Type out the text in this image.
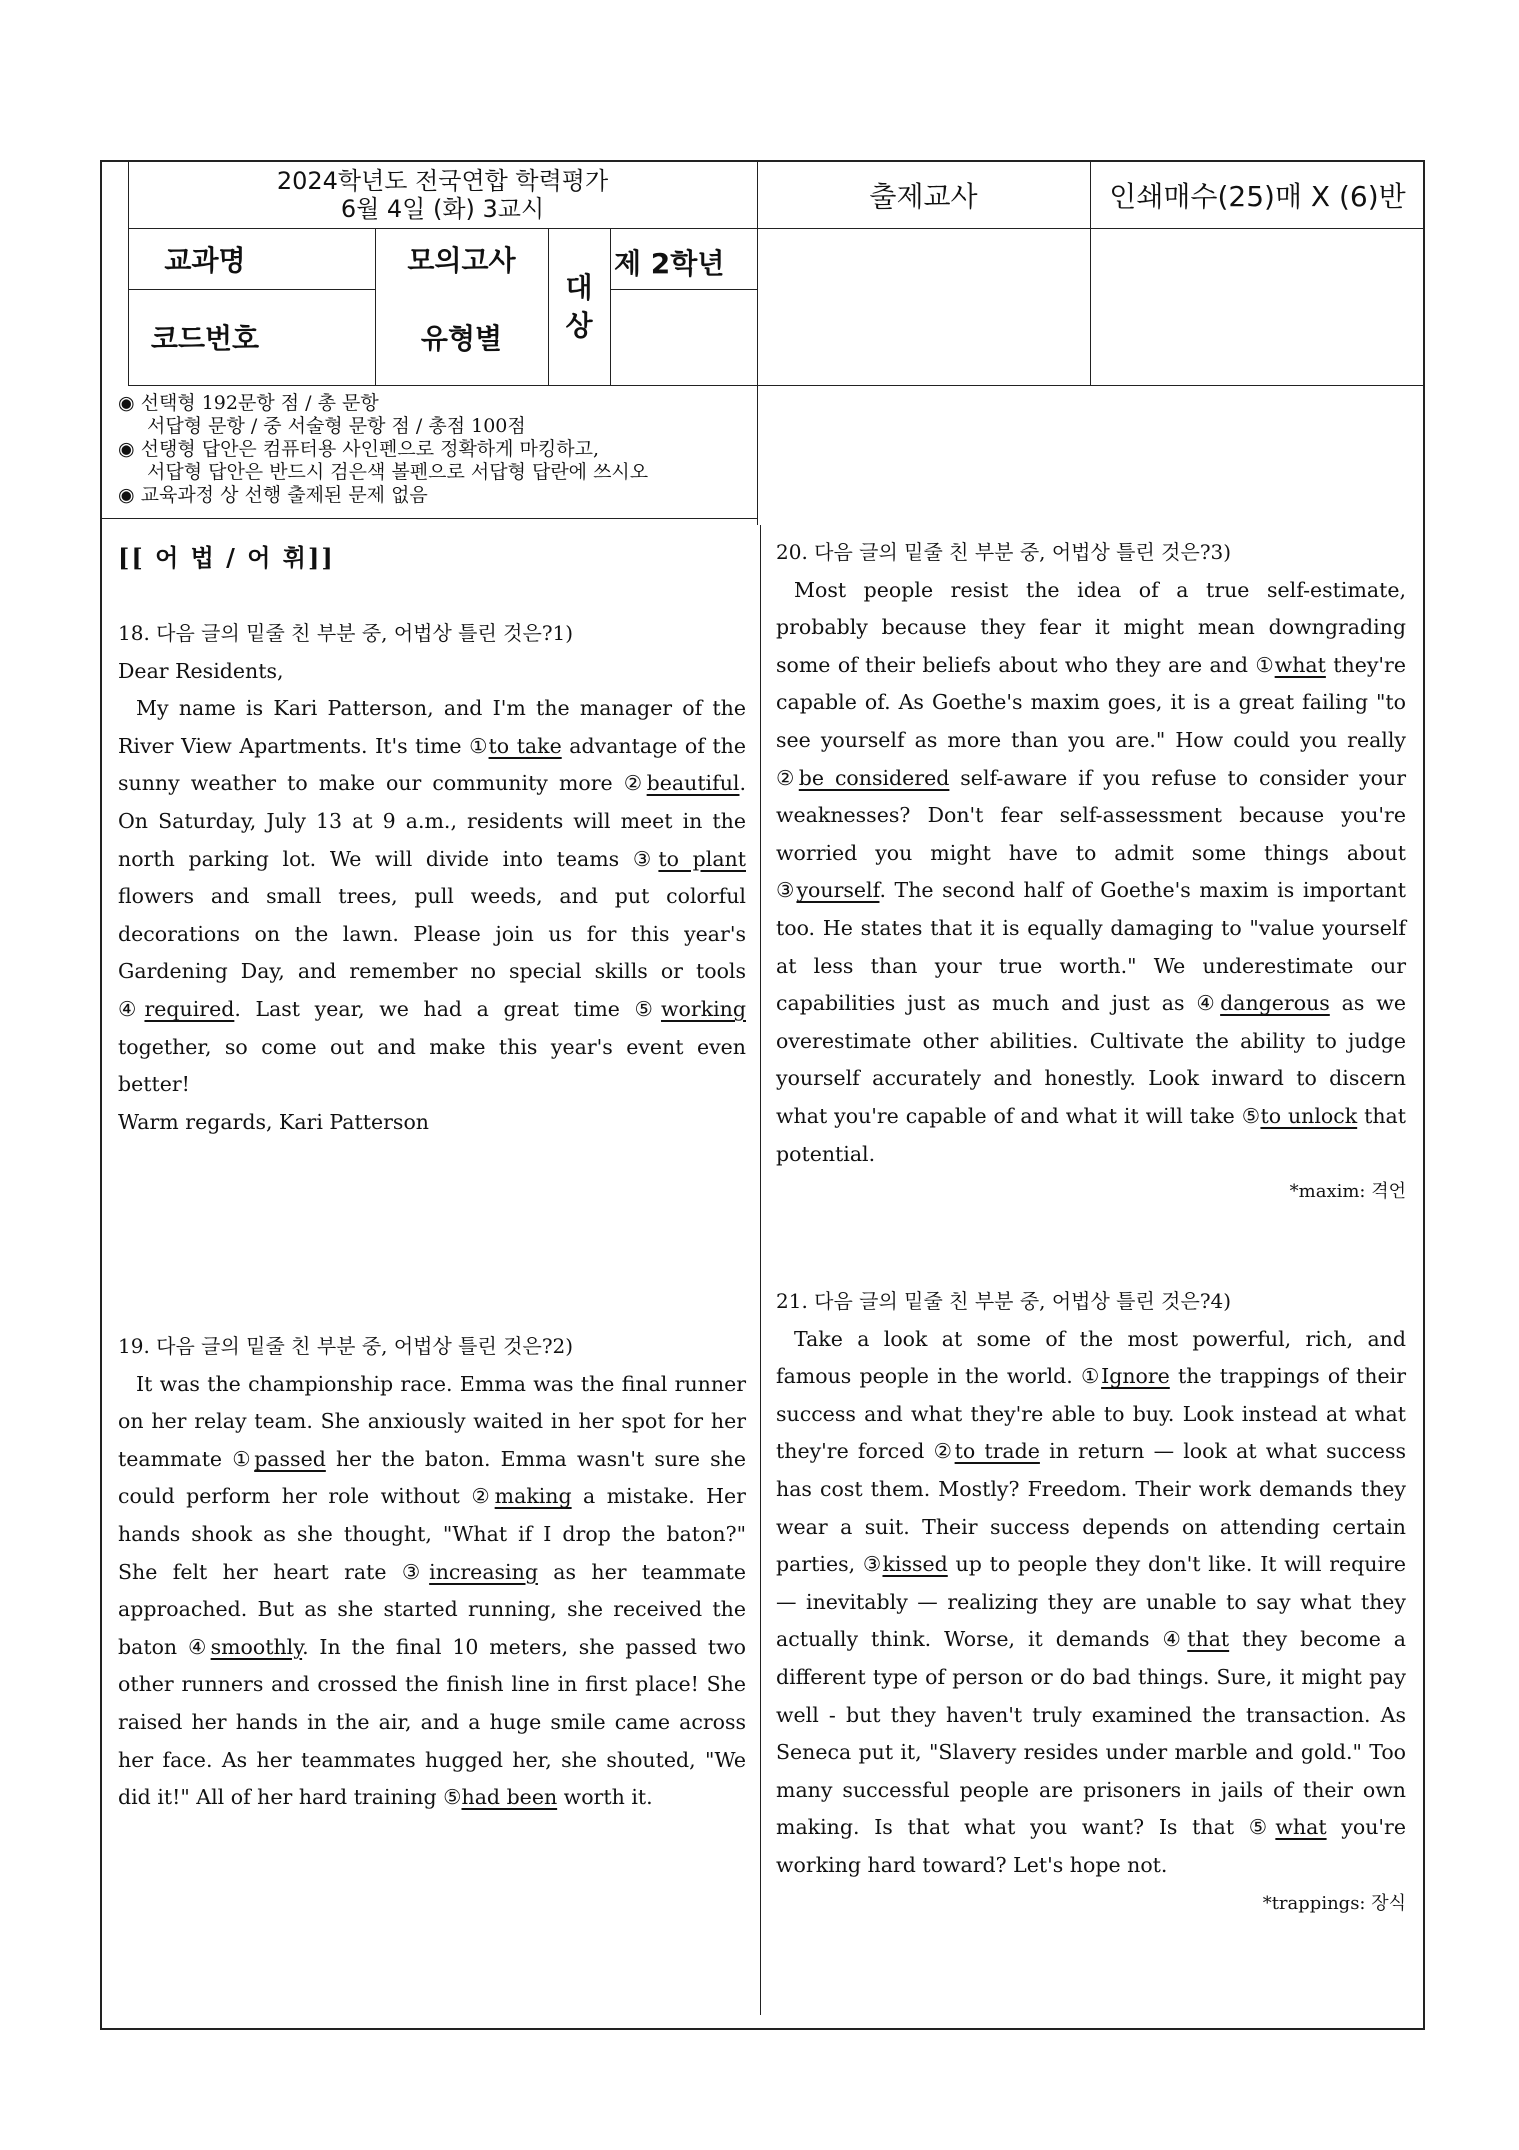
2024학년도 전국연합 학력평가
6월 4일 (화) 3교시	출제교사	인쇄매수(25)매 X (6)반
교과명	모의고사
코드번호	유형별
대
상
제 2학년
◉ 선택형 192문항 점 / 총 문항
서답형 문항 / 중 서술형 문항 점 / 총점 100점
◉ 선탱형 답안은 컴퓨터용 사인펜으로 정확하게 마킹하고,
서답형 답안은 반드시 검은색 볼펜으로 서답형 답란에 쓰시오
◉ 교육과정 상 선행 출제된 문제 없음
[[ 어 법 / 어 휘]]

18. 다음 글의 밑줄 친 부분 중, 어법상 틀린 것은?1)

Dear Residents,

My name is Kari Patterson, and I'm the manager of the River View Apartments. It's time ①to take advantage of the sunny weather to make our community more ②beautiful. On Saturday, July 13 at 9 a.m., residents will meet in the north parking lot. We will divide into teams ③to plant flowers and small trees, pull weeds, and put colorful decorations on the lawn. Please join us for this year's Gardening Day, and remember no special skills or tools ④required. Last year, we had a great time ⑤working together, so come out and make this year's event even better!

Warm regards, Kari Patterson

19. 다음 글의 밑줄 친 부분 중, 어법상 틀린 것은?2)

It was the championship race. Emma was the final runner on her relay team. She anxiously waited in her spot for her teammate ①passed her the baton. Emma wasn't sure she could perform her role without ②making a mistake. Her hands shook as she thought, "What if I drop the baton?" She felt her heart rate ③increasing as her teammate approached. But as she started running, she received the baton ④smoothly. In the final 10 meters, she passed two other runners and crossed the finish line in first place! She raised her hands in the air, and a huge smile came across her face. As her teammates hugged her, she shouted, "We did it!" All of her hard training ⑤had been worth it.

20. 다음 글의 밑줄 친 부분 중, 어법상 틀린 것은?3)

Most people resist the idea of a true self-estimate, probably because they fear it might mean downgrading some of their beliefs about who they are and ①what they're capable of. As Goethe's maxim goes, it is a great failing "to see yourself as more than you are." How could you really ②be considered self-aware if you refuse to consider your weaknesses? Don't fear self-assessment because you're worried you might have to admit some things about ③yourself. The second half of Goethe's maxim is important too. He states that it is equally damaging to "value yourself at less than your true worth." We underestimate our capabilities just as much and just as ④dangerous as we overestimate other abilities. Cultivate the ability to judge yourself accurately and honestly. Look inward to discern what you're capable of and what it will take ⑤to unlock that potential.

*maxim: 격언

21. 다음 글의 밑줄 친 부분 중, 어법상 틀린 것은?4)

Take a look at some of the most powerful, rich, and famous people in the world. ①Ignore the trappings of their success and what they're able to buy. Look instead at what they're forced ②to trade in return — look at what success has cost them. Mostly? Freedom. Their work demands they wear a suit. Their success depends on attending certain parties, ③kissed up to people they don't like. It will require — inevitably — realizing they are unable to say what they actually think. Worse, it demands ④that they become a different type of person or do bad things. Sure, it might pay well - but they haven't truly examined the transaction. As Seneca put it, "Slavery resides under marble and gold." Too many successful people are prisoners in jails of their own making. Is that what you want? Is that ⑤what you're working hard toward? Let's hope not.

*trappings: 장식
